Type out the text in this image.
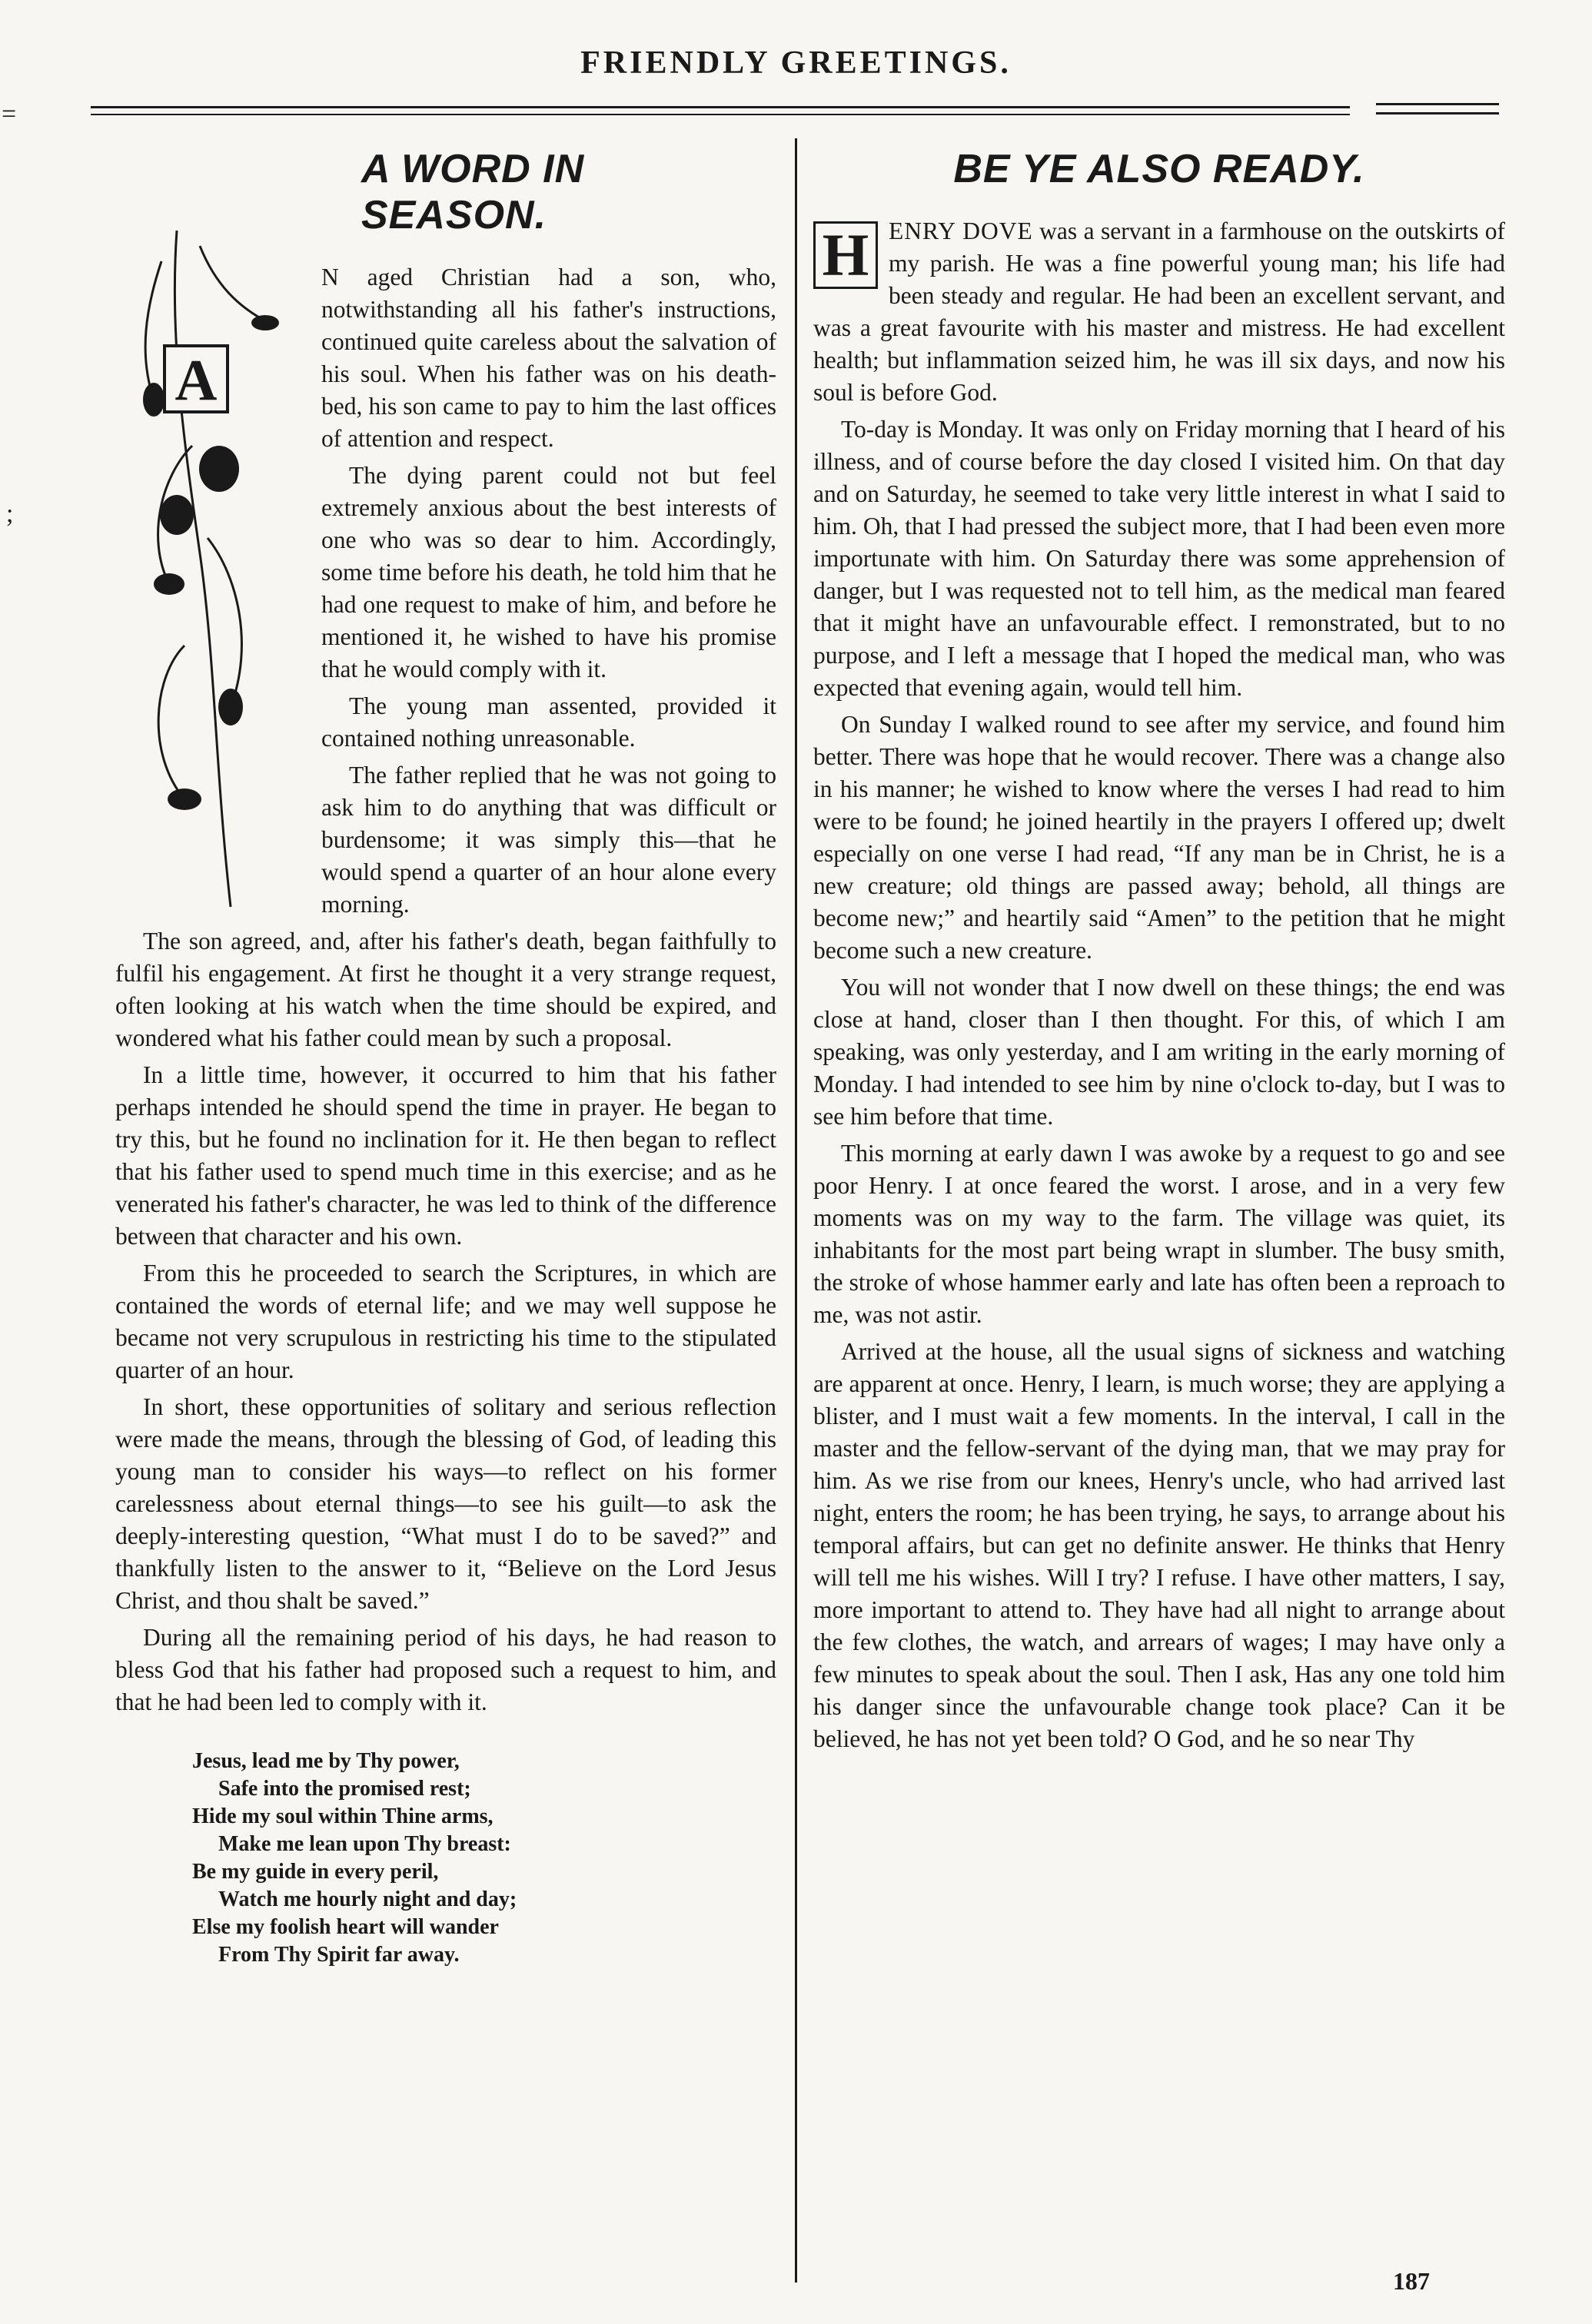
FRIENDLY GREETINGS.
=
;
A WORD IN SEASON.
A

N aged Christian had a son, who, notwithstanding all his father's instructions, continued quite careless about the salvation of his soul. When his father was on his death-bed, his son came to pay to him the last offices of attention and respect.

The dying parent could not but feel extremely anxious about the best interests of one who was so dear to him. Accordingly, some time before his death, he told him that he had one request to make of him, and before he mentioned it, he wished to have his promise that he would comply with it.

The young man assented, provided it contained nothing unreasonable.

The father replied that he was not going to ask him to do anything that was difficult or burdensome; it was simply this—that he would spend a quarter of an hour alone every morning.

The son agreed, and, after his father's death, began faithfully to fulfil his engagement. At first he thought it a very strange request, often looking at his watch when the time should be expired, and wondered what his father could mean by such a proposal.

In a little time, however, it occurred to him that his father perhaps intended he should spend the time in prayer. He began to try this, but he found no inclination for it. He then began to reflect that his father used to spend much time in this exercise; and as he venerated his father's character, he was led to think of the difference between that character and his own.

From this he proceeded to search the Scriptures, in which are contained the words of eternal life; and we may well suppose he became not very scrupulous in restricting his time to the stipulated quarter of an hour.

In short, these opportunities of solitary and serious reflection were made the means, through the blessing of God, of leading this young man to consider his ways—to reflect on his former carelessness about eternal things—to see his guilt—to ask the deeply-interesting question, “What must I do to be saved?” and thankfully listen to the answer to it, “Believe on the Lord Jesus Christ, and thou shalt be saved.”

During all the remaining period of his days, he had reason to bless God that his father had proposed such a request to him, and that he had been led to comply with it.

Jesus, lead me by Thy power,
Safe into the promised rest;
Hide my soul within Thine arms,
Make me lean upon Thy breast:
Be my guide in every peril,
Watch me hourly night and day;
Else my foolish heart will wander
From Thy Spirit far away.
BE YE ALSO READY.

H ENRY DOVE was a servant in a farmhouse on the outskirts of my parish. He was a fine powerful young man; his life had been steady and regular. He had been an excellent servant, and was a great favourite with his master and mistress. He had excellent health; but inflammation seized him, he was ill six days, and now his soul is before God.

To-day is Monday. It was only on Friday morning that I heard of his illness, and of course before the day closed I visited him. On that day and on Saturday, he seemed to take very little interest in what I said to him. Oh, that I had pressed the subject more, that I had been even more importunate with him. On Saturday there was some apprehension of danger, but I was requested not to tell him, as the medical man feared that it might have an unfavourable effect. I remonstrated, but to no purpose, and I left a message that I hoped the medical man, who was expected that evening again, would tell him.

On Sunday I walked round to see after my service, and found him better. There was hope that he would recover. There was a change also in his manner; he wished to know where the verses I had read to him were to be found; he joined heartily in the prayers I offered up; dwelt especially on one verse I had read, “If any man be in Christ, he is a new creature; old things are passed away; behold, all things are become new;” and heartily said “Amen” to the petition that he might become such a new creature.

You will not wonder that I now dwell on these things; the end was close at hand, closer than I then thought. For this, of which I am speaking, was only yesterday, and I am writing in the early morning of Monday. I had intended to see him by nine o'clock to-day, but I was to see him before that time.

This morning at early dawn I was awoke by a request to go and see poor Henry. I at once feared the worst. I arose, and in a very few moments was on my way to the farm. The village was quiet, its inhabitants for the most part being wrapt in slumber. The busy smith, the stroke of whose hammer early and late has often been a reproach to me, was not astir.

Arrived at the house, all the usual signs of sickness and watching are apparent at once. Henry, I learn, is much worse; they are applying a blister, and I must wait a few moments. In the interval, I call in the master and the fellow-servant of the dying man, that we may pray for him. As we rise from our knees, Henry's uncle, who had arrived last night, enters the room; he has been trying, he says, to arrange about his temporal affairs, but can get no definite answer. He thinks that Henry will tell me his wishes. Will I try? I refuse. I have other matters, I say, more important to attend to. They have had all night to arrange about the few clothes, the watch, and arrears of wages; I may have only a few minutes to speak about the soul. Then I ask, Has any one told him his danger since the unfavourable change took place? Can it be believed, he has not yet been told? O God, and he so near Thy

187
